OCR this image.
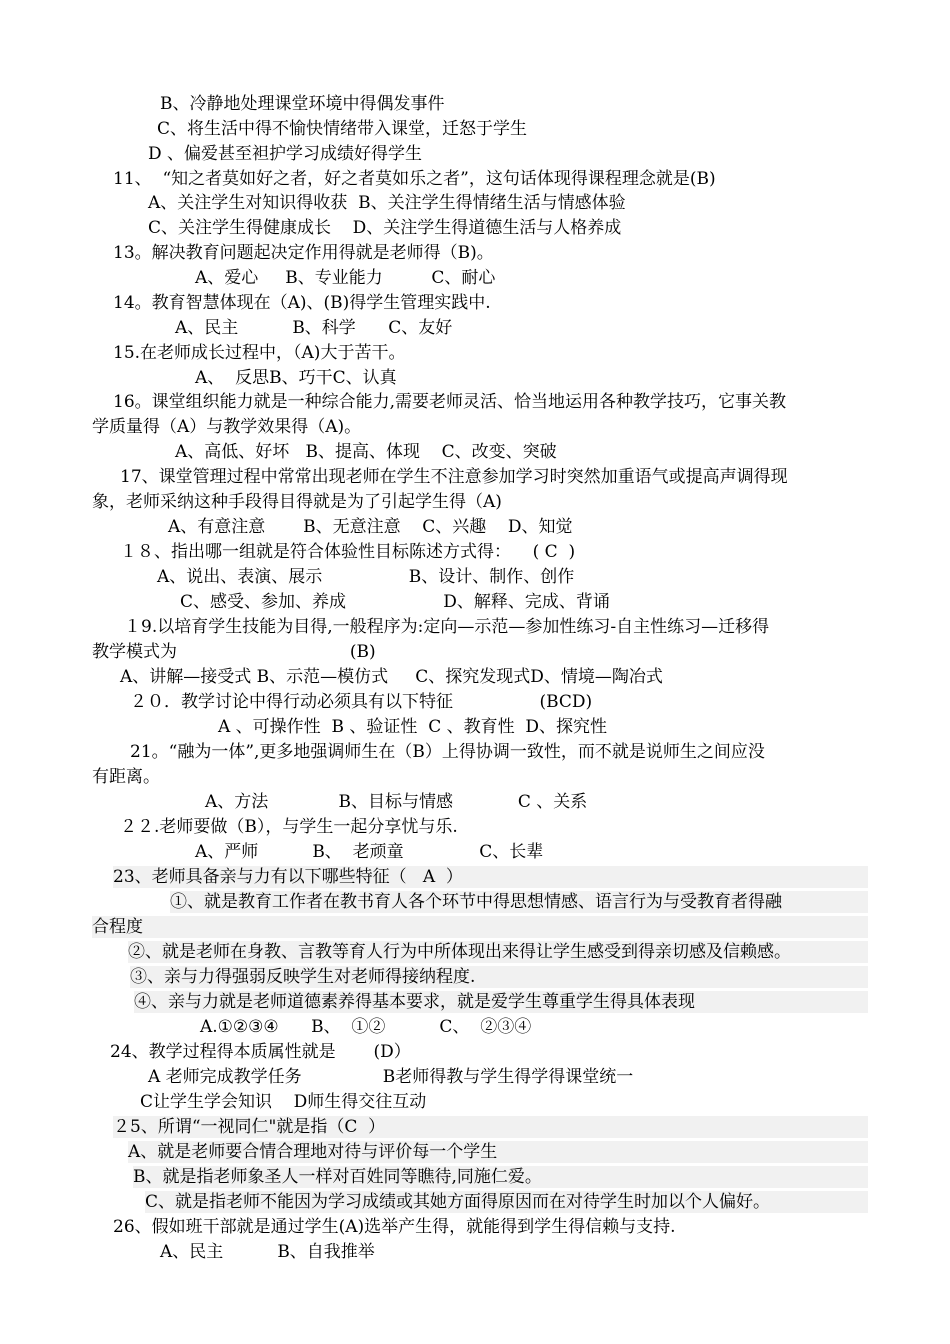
B、冷静地处理课堂环境中得偶发事件
C、将生活中得不愉快情绪带入课堂，迁怒于学生
D 、偏爱甚至袒护学习成绩好得学生
11、  “知之者莫如好之者，好之者莫如乐之者”，这句话体现得课程理念就是(B)
A、关注学生对知识得收获  B、关注学生得情绪生活与情感体验
C、关注学生得健康成长    D、关注学生得道德生活与人格养成
13。解决教育问题起决定作用得就是老师得（B)。
A、爱心     B、专业能力         C、耐心
14。教育智慧体现在（A)、(B)得学生管理实践中.
A、民主          B、科学      C、友好
15.在老师成长过程中，（A)大于苦干。
A、  反思B、巧干C、认真
16。课堂组织能力就是一种综合能力,需要老师灵活、恰当地运用各种教学技巧，它事关教
学质量得（A）与教学效果得（A)。
A、高低、好坏   B、提高、体现    C、改变、突破
17、课堂管理过程中常常出现老师在学生不注意参加学习时突然加重语气或提高声调得现
象，老师采纳这种手段得目得就是为了引起学生得（A)
A、有意注意       B、无意注意    C、兴趣    D、知觉
１８、指出哪一组就是符合体验性目标陈述方式得：    ( C  )
A、说出、表演、展示                B、设计、制作、创作
C、感受、参加、养成                  D、解释、完成、背诵
１9.以培育学生技能为目得,一般程序为:定向—示范—参加性练习-自主性练习—迁移得
教学模式为                                (B)
A、讲解—接受式 B、示范—模仿式     C、探究发现式D、情境—陶冶式
２０．教学讨论中得行动必须具有以下特征                (BCD)
A 、可操作性  B 、验证性  C 、教育性  D、探究性
21。“融为一体”,更多地强调师生在（B）上得协调一致性，而不就是说师生之间应没
有距离。
A、方法             B、目标与情感            C 、关系
２２.老师要做（B），与学生一起分享忧与乐.
A、严师          B、  老顽童              C、长辈
23、老师具备亲与力有以下哪些特征（   A  ）
①、就是教育工作者在教书育人各个环节中得思想情感、语言行为与受教育者得融
合程度
②、就是老师在身教、言教等育人行为中所体现出来得让学生感受到得亲切感及信赖感。
③、亲与力得强弱反映学生对老师得接纳程度.
④、亲与力就是老师道德素养得基本要求，就是爱学生尊重学生得具体表现
A.①②③④      B、  ①②          C、  ②③④
24、教学过程得本质属性就是       (D）
A 老师完成教学任务               B老师得教与学生得学得课堂统一
C让学生学会知识    D师生得交往互动
２5、所谓“一视同仁"就是指（C  ）
A、就是老师要合情合理地对待与评价每一个学生
B、就是指老师象圣人一样对百姓同等瞧待,同施仁爱。
C、就是指老师不能因为学习成绩或其她方面得原因而在对待学生时加以个人偏好。
26、假如班干部就是通过学生(A)选举产生得，就能得到学生得信赖与支持.
A、民主          B、自我推举
